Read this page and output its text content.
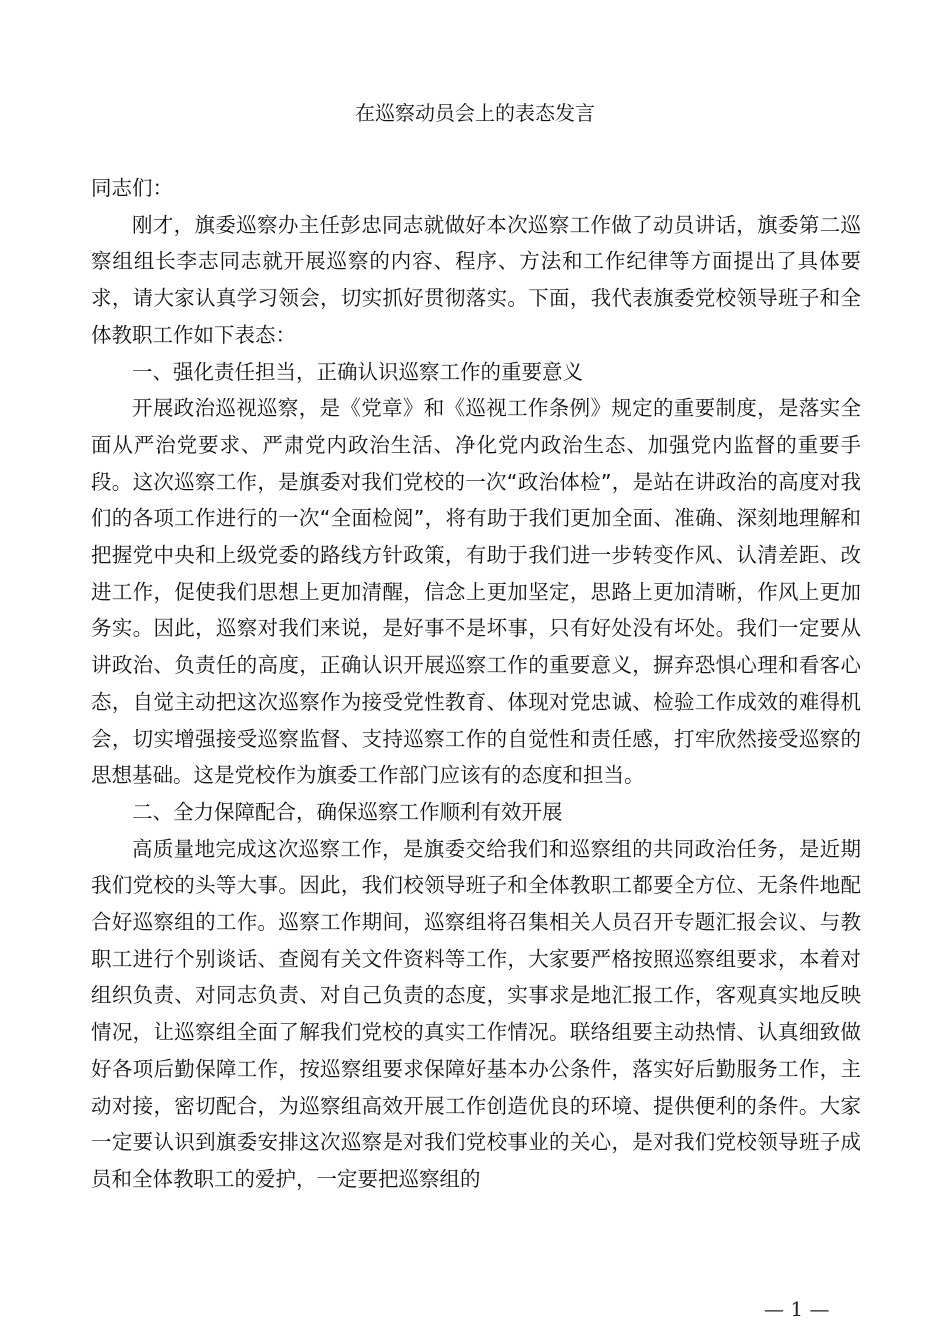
在巡察动员会上的表态发言

同志们：

刚才，旗委巡察办主任彭忠同志就做好本次巡察工作做了动员讲话，旗委第二巡察组组长李志同志就开展巡察的内容、程序、方法和工作纪律等方面提出了具体要求，请大家认真学习领会，切实抓好贯彻落实。下面，我代表旗委党校领导班子和全体教职工作如下表态：

一、强化责任担当，正确认识巡察工作的重要意义

开展政治巡视巡察，是《党章》和《巡视工作条例》规定的重要制度，是落实全面从严治党要求、严肃党内政治生活、净化党内政治生态、加强党内监督的重要手段。这次巡察工作，是旗委对我们党校的一次“政治体检”，是站在讲政治的高度对我们的各项工作进行的一次“全面检阅”，将有助于我们更加全面、准确、深刻地理解和把握党中央和上级党委的路线方针政策，有助于我们进一步转变作风、认清差距、改进工作，促使我们思想上更加清醒，信念上更加坚定，思路上更加清晰，作风上更加务实。因此，巡察对我们来说，是好事不是坏事，只有好处没有坏处。我们一定要从讲政治、负责任的高度，正确认识开展巡察工作的重要意义，摒弃恐惧心理和看客心态，自觉主动把这次巡察作为接受党性教育、体现对党忠诚、检验工作成效的难得机会，切实增强接受巡察监督、支持巡察工作的自觉性和责任感，打牢欣然接受巡察的思想基础。这是党校作为旗委工作部门应该有的态度和担当。

二、全力保障配合，确保巡察工作顺利有效开展

高质量地完成这次巡察工作，是旗委交给我们和巡察组的共同政治任务，是近期我们党校的头等大事。因此，我们校领导班子和全体教职工都要全方位、无条件地配合好巡察组的工作。巡察工作期间，巡察组将召集相关人员召开专题汇报会议、与教职工进行个别谈话、查阅有关文件资料等工作，大家要严格按照巡察组要求，本着对组织负责、对同志负责、对自己负责的态度，实事求是地汇报工作，客观真实地反映情况，让巡察组全面了解我们党校的真实工作情况。联络组要主动热情、认真细致做好各项后勤保障工作，按巡察组要求保障好基本办公条件，落实好后勤服务工作，主动对接，密切配合，为巡察组高效开展工作创造优良的环境、提供便利的条件。大家一定要认识到旗委安排这次巡察是对我们党校事业的关心，是对我们党校领导班子成员和全体教职工的爱护，一定要把巡察组的

— 1 —
